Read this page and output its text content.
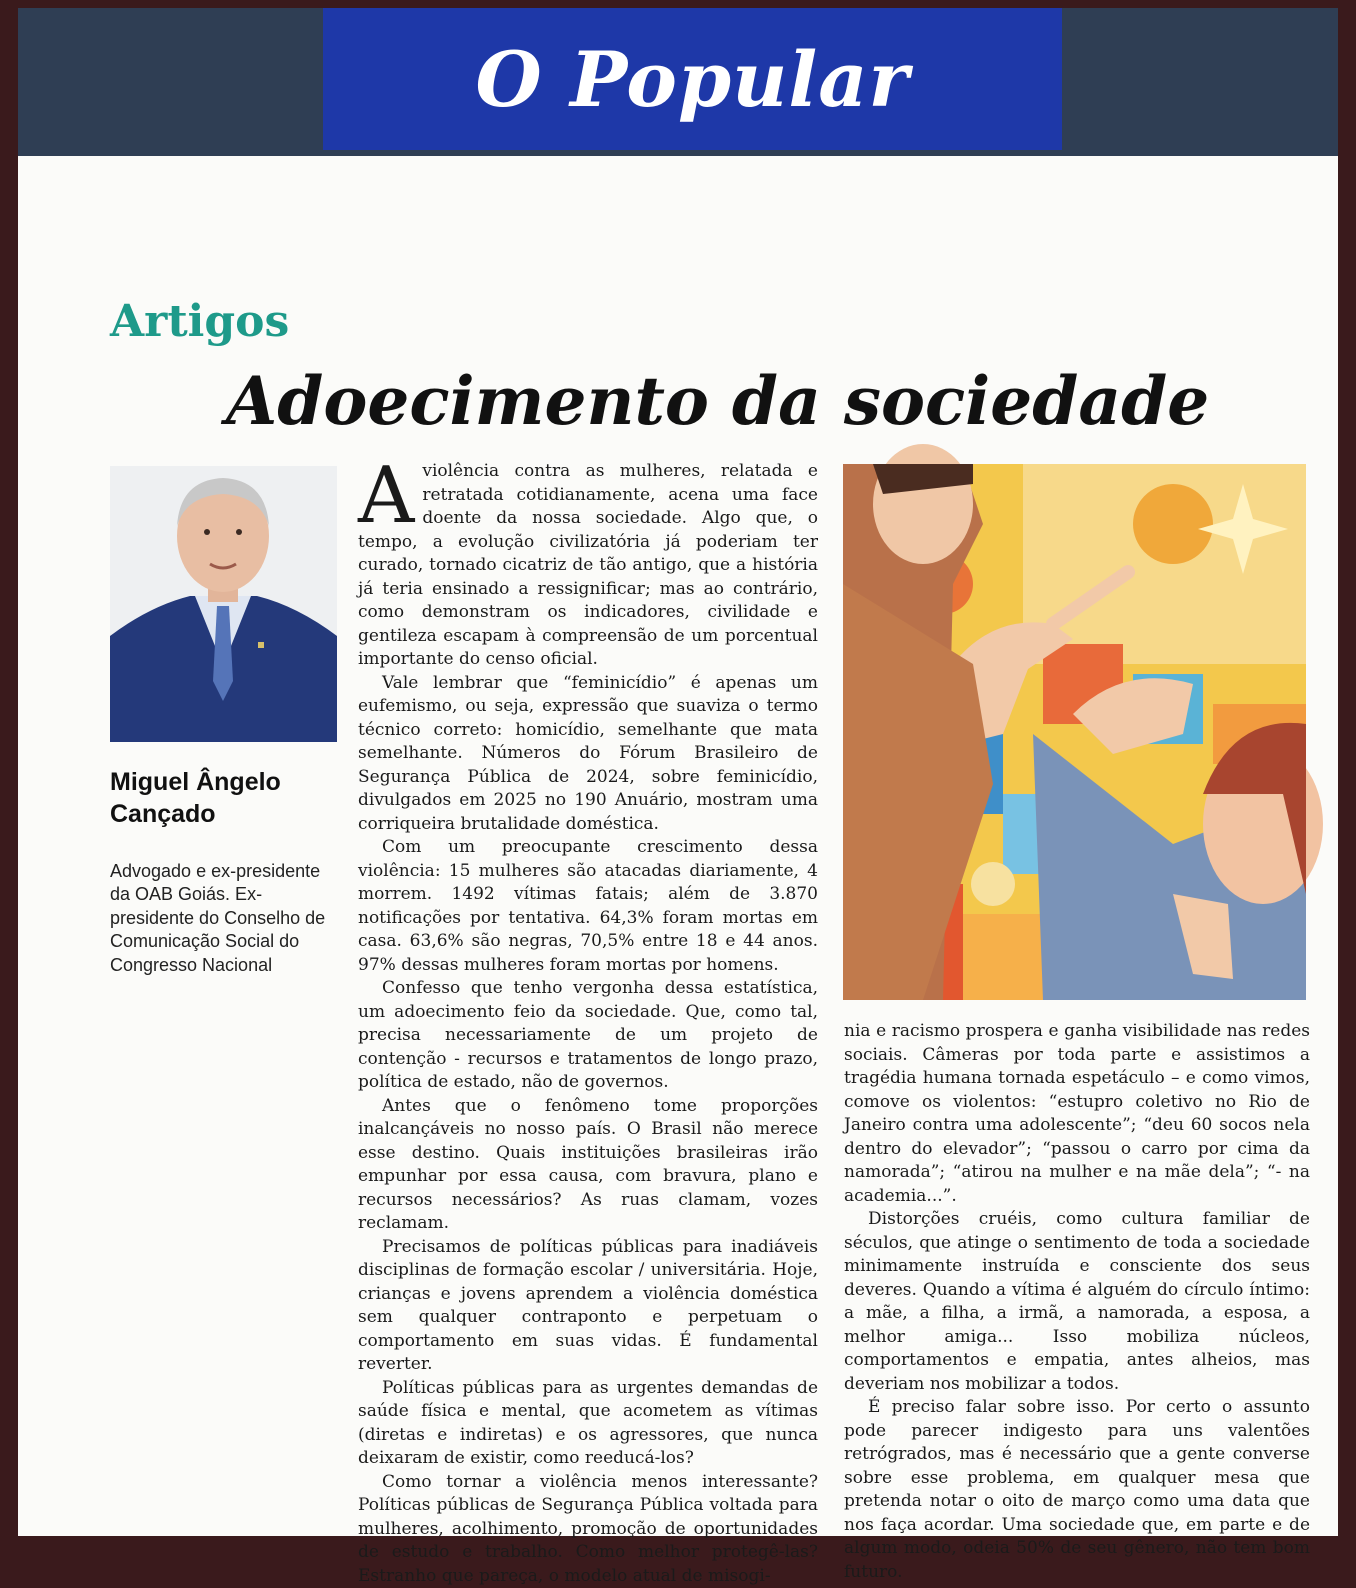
O Popular
Artigos
Adoecimento da sociedade
Miguel Ângelo Cançado
Advogado e ex-presidente da OAB Goiás. Ex-presidente do Conselho de Comunicação Social do Congresso Nacional

Aviolência contra as mulheres, relatada e retratada cotidianamente, acena uma face doente da nossa sociedade. Algo que, o tempo, a evolução civilizatória já poderiam ter curado, tornado cicatriz de tão antigo, que a história já teria ensinado a ressignificar; mas ao contrário, como demonstram os indicadores, civilidade e gentileza escapam à compreensão de um porcentual importante do censo oficial.

Vale lembrar que “feminicídio” é apenas um eufemismo, ou seja, expressão que suaviza o termo técnico correto: homicídio, semelhante que mata semelhante. Números do Fórum Brasileiro de Segurança Pública de 2024, sobre feminicídio, divulgados em 2025 no 190 Anuário, mostram uma corriqueira brutalidade doméstica.

Com um preocupante crescimento dessa violência: 15 mulheres são atacadas diariamente, 4 morrem. 1492 vítimas fatais; além de 3.870 notificações por tentativa. 64,3% foram mortas em casa. 63,6% são negras, 70,5% entre 18 e 44 anos. 97% dessas mulheres foram mortas por homens.

Confesso que tenho vergonha dessa estatística, um adoecimento feio da sociedade. Que, como tal, precisa necessariamente de um projeto de contenção - recursos e tratamentos de longo prazo, política de estado, não de governos.

Antes que o fenômeno tome proporções inalcançáveis no nosso país. O Brasil não merece esse destino. Quais instituições brasileiras irão empunhar por essa causa, com bravura, plano e recursos necessários? As ruas clamam, vozes reclamam.

Precisamos de políticas públicas para inadiáveis disciplinas de formação escolar / universitária. Hoje, crianças e jovens aprendem a violência doméstica sem qualquer contraponto e perpetuam o comportamento em suas vidas. É fundamental reverter.

Políticas públicas para as urgentes demandas de saúde física e mental, que acometem as vítimas (diretas e indiretas) e os agressores, que nunca deixaram de existir, como reeducá-los?

Como tornar a violência menos interessante? Políticas públicas de Segurança Pública voltada para mulheres, acolhimento, promoção de oportunidades de estudo e trabalho. Como melhor protegê-las? Estranho que pareça, o modelo atual de misogi-

nia e racismo prospera e ganha visibilidade nas redes sociais. Câmeras por toda parte e assistimos a tragédia humana tornada espetáculo – e como vimos, comove os violentos: “estupro coletivo no Rio de Janeiro contra uma adolescente”; “deu 60 socos nela dentro do elevador”; “passou o carro por cima da namorada”; “atirou na mulher e na mãe dela”; “- na academia...”.

Distorções cruéis, como cultura familiar de séculos, que atinge o sentimento de toda a sociedade minimamente instruída e consciente dos seus deveres. Quando a vítima é alguém do círculo íntimo: a mãe, a filha, a irmã, a namorada, a esposa, a melhor amiga... Isso mobiliza núcleos, comportamentos e empatia, antes alheios, mas deveriam nos mobilizar a todos.

É preciso falar sobre isso. Por certo o assunto pode parecer indigesto para uns valentões retrógrados, mas é necessário que a gente converse sobre esse problema, em qualquer mesa que pretenda notar o oito de março como uma data que nos faça acordar. Uma sociedade que, em parte e de algum modo, odeia 50% de seu gênero, não tem bom futuro.
